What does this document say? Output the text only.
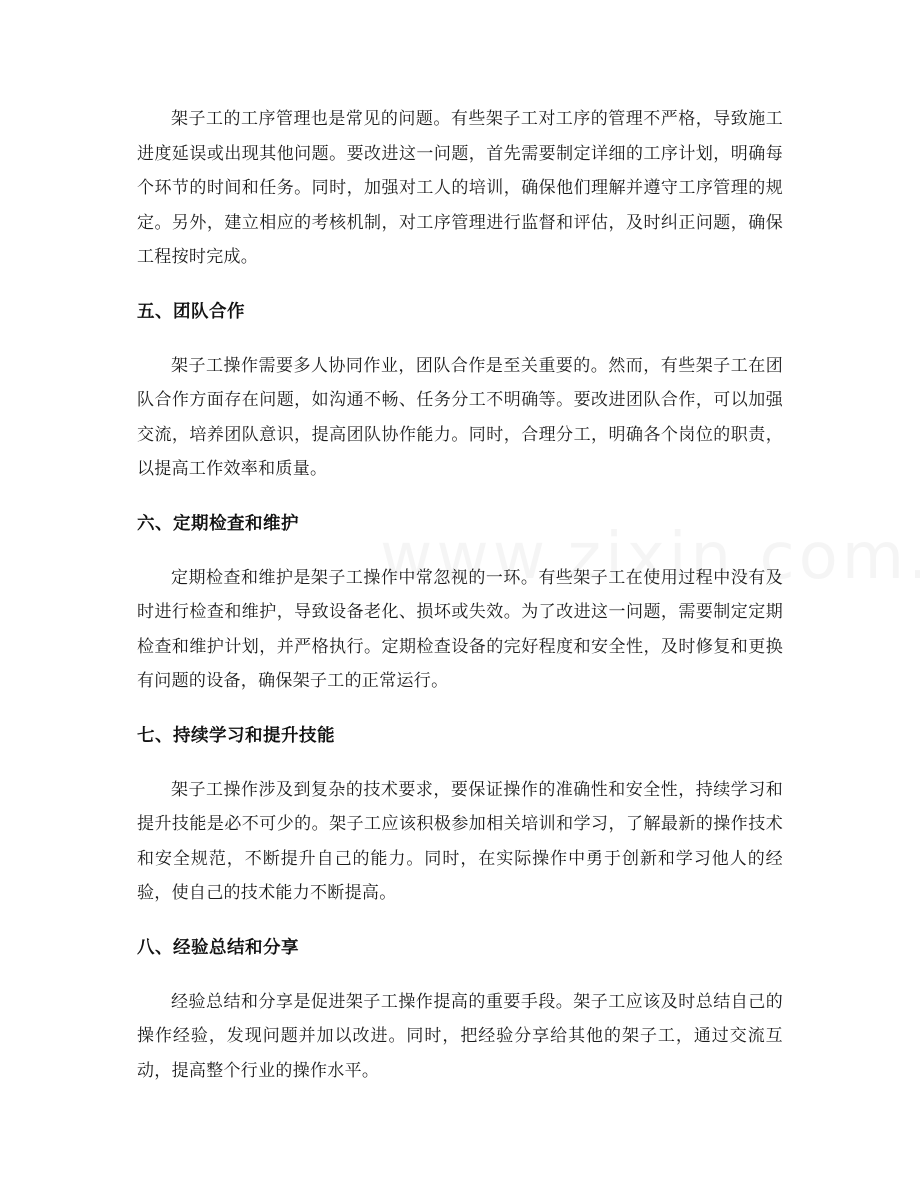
架子工的工序管理也是常见的问题。有些架子工对工序的管理不严格，导致施工进度延误或出现其他问题。要改进这一问题，首先需要制定详细的工序计划，明确每个环节的时间和任务。同时，加强对工人的培训，确保他们理解并遵守工序管理的规定。另外，建立相应的考核机制，对工序管理进行监督和评估，及时纠正问题，确保工程按时完成。

五、团队合作

架子工操作需要多人协同作业，团队合作是至关重要的。然而，有些架子工在团队合作方面存在问题，如沟通不畅、任务分工不明确等。要改进团队合作，可以加强交流，培养团队意识，提高团队协作能力。同时，合理分工，明确各个岗位的职责，以提高工作效率和质量。

六、定期检查和维护

定期检查和维护是架子工操作中常忽视的一环。有些架子工在使用过程中没有及时进行检查和维护，导致设备老化、损坏或失效。为了改进这一问题，需要制定定期检查和维护计划，并严格执行。定期检查设备的完好程度和安全性，及时修复和更换有问题的设备，确保架子工的正常运行。

七、持续学习和提升技能

架子工操作涉及到复杂的技术要求，要保证操作的准确性和安全性，持续学习和提升技能是必不可少的。架子工应该积极参加相关培训和学习，了解最新的操作技术和安全规范，不断提升自己的能力。同时，在实际操作中勇于创新和学习他人的经验，使自己的技术能力不断提高。

八、经验总结和分享

经验总结和分享是促进架子工操作提高的重要手段。架子工应该及时总结自己的操作经验，发现问题并加以改进。同时，把经验分享给其他的架子工，通过交流互动，提高整个行业的操作水平。
